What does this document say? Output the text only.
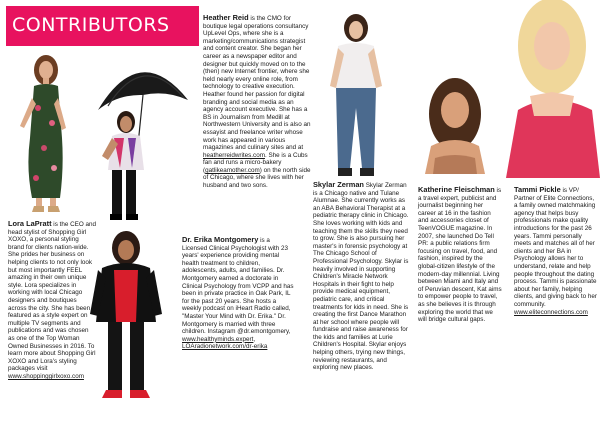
CONTRIBUTORS
Lora LaPratt is the CEO and head stylist of Shopping Girl XOXO, a personal styling brand for clients nation-wide. She prides her business on helping clients to not only look but most importantly FEEL amazing in their own unique style. Lora specializes in working with local Chicago designers and boutiques across the city. She has been featured as a style expert on multiple TV segments and publications and was chosen as one of the Top Woman Owned Businesses in 2016. To learn more about Shopping Girl XOXO and Lora's styling packages visit www.shoppinggirlxoxo.com
Heather Reid is the CMO for boutique legal operations consultancy UpLevel Ops, where she is a marketing/communications strategist and content creator. She began her career as a newspaper editor and designer but quickly moved on to the (then) new Internet frontier, where she held nearly every online role, from technology to creative execution. Heather found her passion for digital branding and social media as an agency account executive. She has a BS in Journalism from Medill at Northwestern University and is also an essayist and freelance writer whose work has appeared in various magazines and culinary sites and at heatherreidwrites.com. She is a Cubs fan and runs a micro-bakery (gatlikeamother.com) on the north side of Chicago, where she lives with her husband and two sons.
Dr. Erika Montgomery is a Licensed Clinical Psychologist with 23 years' experience providing mental health treatment to children, adolescents, adults, and families. Dr. Montgomery earned a doctorate in Clinical Psychology from VCPP and has been in private practice in Oak Park, IL for the past 20 years. She hosts a weekly podcast on iHeart Radio called, "Master Your Mind with Dr. Erika." Dr. Montgomery is married with three children. Instagram @dr.emontgomery, www.healthyminds.expert, LOAradionetwork.com/dr-erika
Skylar Zerman Skylar Zerman is a Chicago native and Tulane Alumnae. She currently works as an ABA Behavioral Therapist at a pediatric therapy clinic in Chicago. She loves working with kids and teaching them the skills they need to grow. She is also pursuing her master's in forensic psychology at The Chicago School of Professional Psychology. Skylar is heavily involved in supporting Children's Miracle Network Hospitals in their fight to help provide medical equipment, pediatric care, and critical treatments for kids in need. She is creating the first Dance Marathon at her school where people will fundraise and raise awareness for the kids and families at Lurie Children's Hospital. Skylar enjoys helping others, trying new things, reviewing restaurants, and exploring new places.
Katherine Fleischman is a travel expert, publicist and journalist beginning her career at 16 in the fashion and accessories closet of TeenVOGUE magazine. In 2007, she launched Do Tell PR: a public relations firm focusing on travel, food, and fashion, inspired by the global-citizen lifestyle of the modern-day millennial. Living between Miami and Italy and of Peruvian descent, Kat aims to empower people to travel, as she believes it is through exploring the world that we will bridge cultural gaps.
Tammi Pickle is VP/ Partner of Elite Connections, a family owned matchmaking agency that helps busy professionals make quality introductions for the past 26 years. Tammi personally meets and matches all of her clients and her BA in Psychology allows her to understand, relate and help people throughout the dating process. Tammi is passionate about her family, helping clients, and giving back to her community. www.eliteconnections.com
